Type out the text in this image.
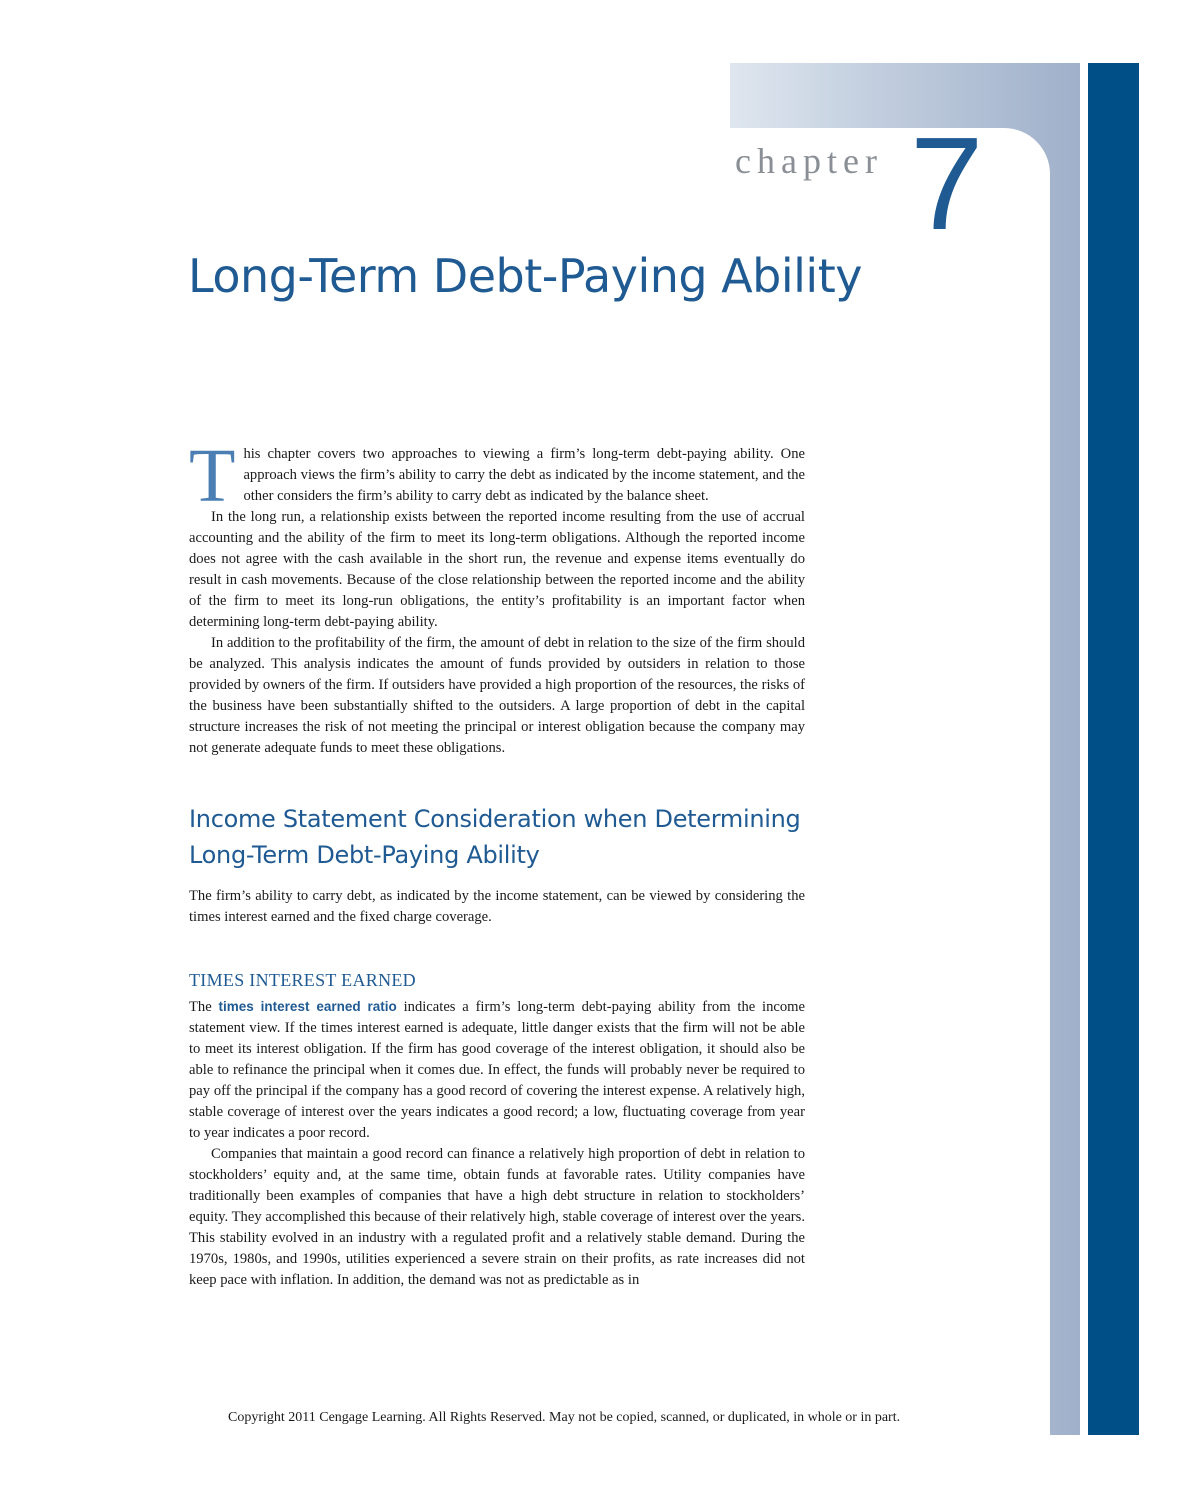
chapter 7
Long-Term Debt-Paying Ability

This chapter covers two approaches to viewing a firm’s long-term debt-paying ability. One approach views the firm’s ability to carry the debt as indicated by the income statement, and the other considers the firm’s ability to carry debt as indicated by the balance sheet.

In the long run, a relationship exists between the reported income resulting from the use of accrual accounting and the ability of the firm to meet its long-term obligations. Although the reported income does not agree with the cash available in the short run, the revenue and expense items eventually do result in cash movements. Because of the close relationship between the reported income and the ability of the firm to meet its long-run obligations, the entity’s profitability is an important factor when determining long-term debt-paying ability.

In addition to the profitability of the firm, the amount of debt in relation to the size of the firm should be analyzed. This analysis indicates the amount of funds provided by outsiders in relation to those provided by owners of the firm. If outsiders have provided a high proportion of the resources, the risks of the business have been substantially shifted to the outsiders. A large proportion of debt in the capital structure increases the risk of not meeting the principal or interest obligation because the company may not generate adequate funds to meet these obligations.

Income Statement Consideration when Determining Long-Term Debt-Paying Ability

The firm’s ability to carry debt, as indicated by the income statement, can be viewed by considering the times interest earned and the fixed charge coverage.

TIMES INTEREST EARNED

The times interest earned ratio indicates a firm’s long-term debt-paying ability from the income statement view. If the times interest earned is adequate, little danger exists that the firm will not be able to meet its interest obligation. If the firm has good coverage of the interest obligation, it should also be able to refinance the principal when it comes due. In effect, the funds will probably never be required to pay off the principal if the company has a good record of covering the interest expense. A relatively high, stable coverage of interest over the years indicates a good record; a low, fluctuating coverage from year to year indicates a poor record.

Companies that maintain a good record can finance a relatively high proportion of debt in relation to stockholders’ equity and, at the same time, obtain funds at favorable rates. Utility companies have traditionally been examples of companies that have a high debt structure in relation to stockholders’ equity. They accomplished this because of their relatively high, stable coverage of interest over the years. This stability evolved in an industry with a regulated profit and a relatively stable demand. During the 1970s, 1980s, and 1990s, utilities experienced a severe strain on their profits, as rate increases did not keep pace with inflation. In addition, the demand was not as predictable as in

Copyright 2011 Cengage Learning. All Rights Reserved. May not be copied, scanned, or duplicated, in whole or in part.
